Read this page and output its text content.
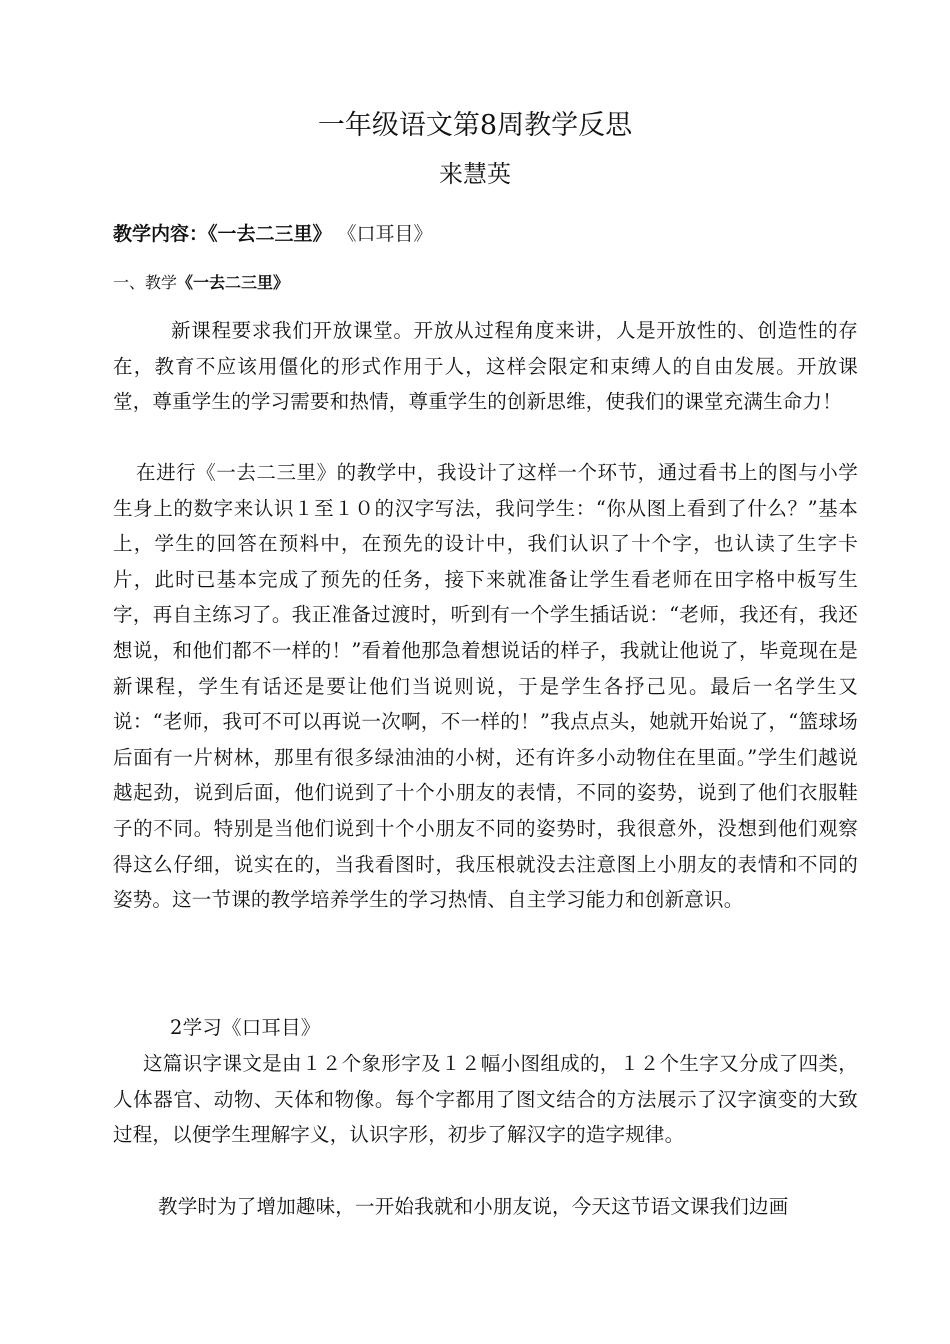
一年级语文第8周教学反思

来慧英

教学内容：《一去二三里》 《口耳目》

一、教学《一去二三里》

新课程要求我们开放课堂。开放从过程角度来讲，人是开放性的、创造性的存在，教育不应该用僵化的形式作用于人，这样会限定和束缚人的自由发展。开放课堂，尊重学生的学习需要和热情，尊重学生的创新思维，使我们的课堂充满生命力！

在进行《一去二三里》的教学中，我设计了这样一个环节，通过看书上的图与小学生身上的数字来认识１至１０的汉字写法，我问学生：“你从图上看到了什么？”基本上，学生的回答在预料中，在预先的设计中，我们认识了十个字，也认读了生字卡片，此时已基本完成了预先的任务，接下来就准备让学生看老师在田字格中板写生字，再自主练习了。我正准备过渡时，听到有一个学生插话说：“老师，我还有，我还想说，和他们都不一样的！”看着他那急着想说话的样子，我就让他说了，毕竟现在是新课程，学生有话还是要让他们当说则说，于是学生各抒己见。最后一名学生又说：“老师，我可不可以再说一次啊，不一样的！”我点点头，她就开始说了，“篮球场后面有一片树林，那里有很多绿油油的小树，还有许多小动物住在里面。”学生们越说越起劲，说到后面，他们说到了十个小朋友的表情，不同的姿势，说到了他们衣服鞋子的不同。特别是当他们说到十个小朋友不同的姿势时，我很意外，没想到他们观察得这么仔细，说实在的，当我看图时，我压根就没去注意图上小朋友的表情和不同的姿势。这一节课的教学培养学生的学习热情、自主学习能力和创新意识。

2学习《口耳目》

这篇识字课文是由１２个象形字及１２幅小图组成的，１２个生字又分成了四类，人体器官、动物、天体和物像。每个字都用了图文结合的方法展示了汉字演变的大致过程，以便学生理解字义，认识字形，初步了解汉字的造字规律。

教学时为了增加趣味，一开始我就和小朋友说，今天这节语文课我们边画
